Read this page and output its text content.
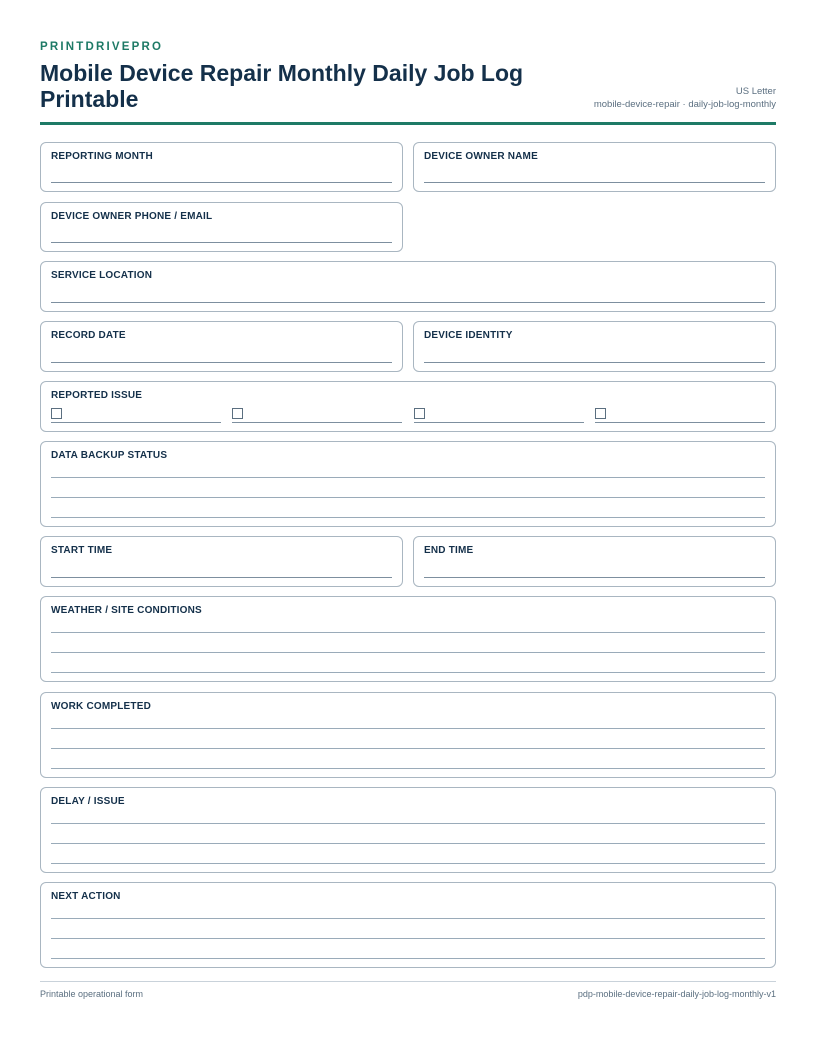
PRINTDRIVEPRO
Mobile Device Repair Monthly Daily Job Log Printable	US Letter
mobile-device-repair · daily-job-log-monthly
REPORTING MONTH	DEVICE OWNER NAME
DEVICE OWNER PHONE / EMAIL
SERVICE LOCATION
RECORD DATE	DEVICE IDENTITY
REPORTED ISSUE
DATA BACKUP STATUS
START TIME	END TIME
WEATHER / SITE CONDITIONS
WORK COMPLETED
DELAY / ISSUE
NEXT ACTION
Printable operational form	pdp-mobile-device-repair-daily-job-log-monthly-v1
